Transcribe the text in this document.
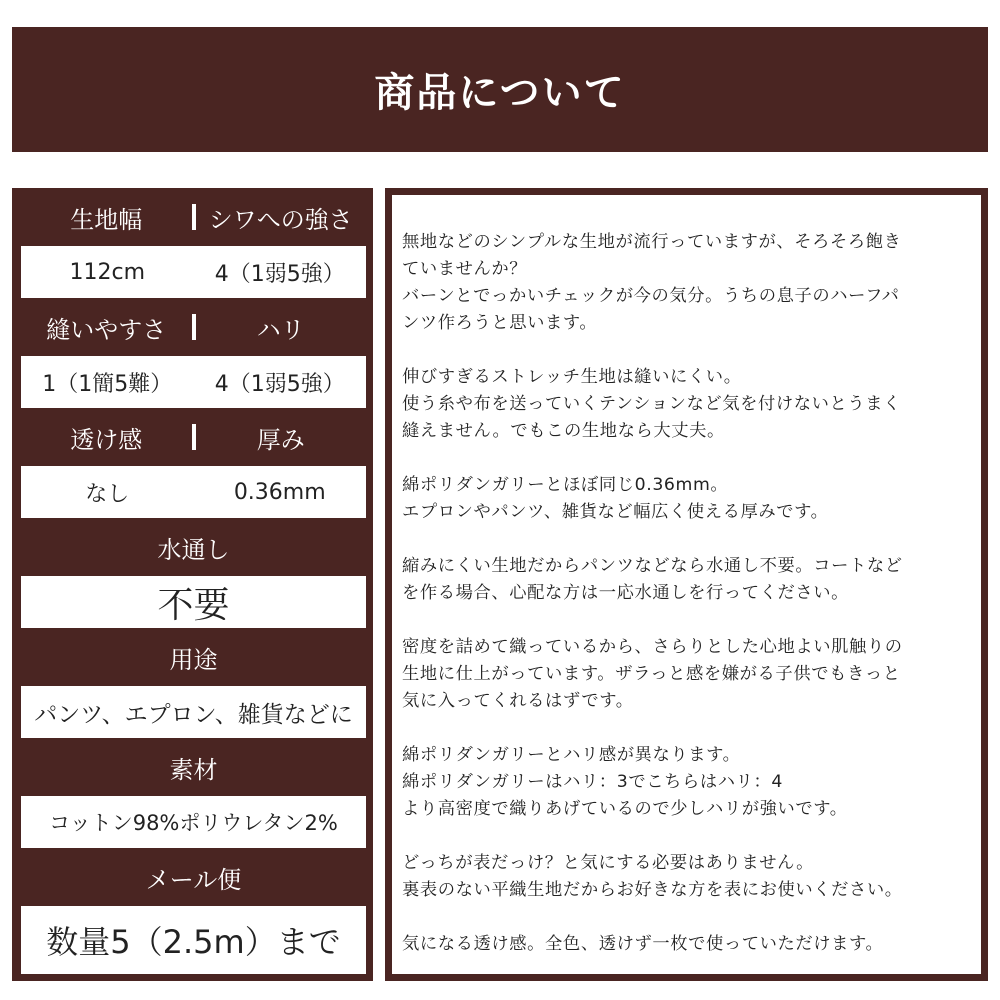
商品について
生地幅	シワへの強さ
112cm	4（1弱5強）
縫いやすさ	ハリ
1（1簡5難）	4（1弱5強）
透け感	厚み
なし	0.36mm
水通し
不要
用途
パンツ、エプロン、雑貨などに
素材
コットン98%ポリウレタン2%
メール便
数量5（2.5m）まで

無地などのシンプルな生地が流行っていますが、そろそろ飽き
ていませんか？
バーンとでっかいチェックが今の気分。うちの息子のハーフパ
ンツ作ろうと思います。

伸びすぎるストレッチ生地は縫いにくい。
使う糸や布を送っていくテンションなど気を付けないとうまく
縫えません。でもこの生地なら大丈夫。

綿ポリダンガリーとほぼ同じ0.36mm。
エプロンやパンツ、雑貨など幅広く使える厚みです。

縮みにくい生地だからパンツなどなら水通し不要。コートなど
を作る場合、心配な方は一応水通しを行ってください。

密度を詰めて織っているから、さらりとした心地よい肌触りの
生地に仕上がっています。ザラっと感を嫌がる子供でもきっと
気に入ってくれるはずです。

綿ポリダンガリーとハリ感が異なります。
綿ポリダンガリーはハリ：3でこちらはハリ：4
より高密度で織りあげているので少しハリが強いです。

どっちが表だっけ？と気にする必要はありません。
裏表のない平織生地だからお好きな方を表にお使いください。

気になる透け感。全色、透けず一枚で使っていただけます。
